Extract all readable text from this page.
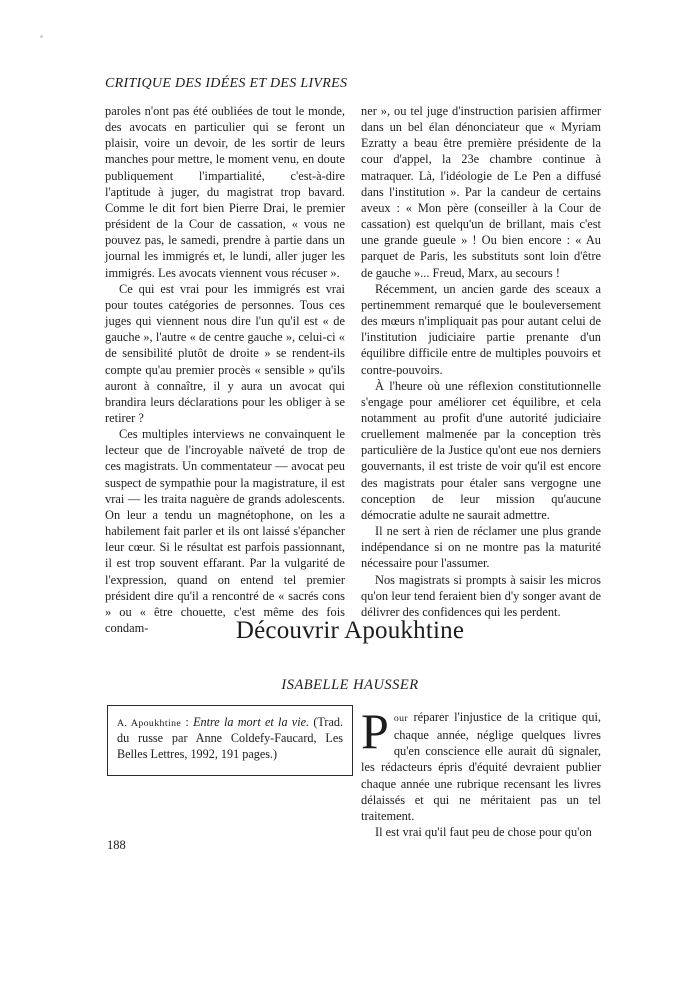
CRITIQUE DES IDÉES ET DES LIVRES

paroles n'ont pas été oubliées de tout le monde, des avocats en particulier qui se feront un plaisir, voire un devoir, de les sortir de leurs manches pour mettre, le moment venu, en doute publiquement l'impartialité, c'est-à-dire l'aptitude à juger, du magistrat trop bavard. Comme le dit fort bien Pierre Drai, le premier président de la Cour de cassation, « vous ne pouvez pas, le samedi, prendre à partie dans un journal les immigrés et, le lundi, aller juger les immigrés. Les avocats viennent vous récuser ».

Ce qui est vrai pour les immigrés est vrai pour toutes catégories de personnes. Tous ces juges qui viennent nous dire l'un qu'il est « de gauche », l'autre « de centre gauche », celui-ci « de sensibilité plutôt de droite » se rendent-ils compte qu'au premier procès « sensible » qu'ils auront à connaître, il y aura un avocat qui brandira leurs déclarations pour les obliger à se retirer ?

Ces multiples interviews ne convainquent le lecteur que de l'incroyable naïveté de trop de ces magistrats. Un commentateur — avocat peu suspect de sympathie pour la magistrature, il est vrai — les traita naguère de grands adolescents. On leur a tendu un magnétophone, on les a habilement fait parler et ils ont laissé s'épancher leur cœur. Si le résultat est parfois passionnant, il est trop souvent effarant. Par la vulgarité de l'expression, quand on entend tel premier président dire qu'il a rencontré de « sacrés cons » ou « être chouette, c'est même des fois condam-

ner », ou tel juge d'instruction parisien affirmer dans un bel élan dénonciateur que « Myriam Ezratty a beau être première présidente de la cour d'appel, la 23e chambre continue à matraquer. Là, l'idéologie de Le Pen a diffusé dans l'institution ». Par la candeur de certains aveux : « Mon père (conseiller à la Cour de cassation) est quelqu'un de brillant, mais c'est une grande gueule » ! Ou bien encore : « Au parquet de Paris, les substituts sont loin d'être de gauche »... Freud, Marx, au secours !

Récemment, un ancien garde des sceaux a pertinemment remarqué que le bouleversement des mœurs n'impliquait pas pour autant celui de l'institution judiciaire partie prenante d'un équilibre difficile entre de multiples pouvoirs et contre-pouvoirs.

À l'heure où une réflexion constitutionnelle s'engage pour améliorer cet équilibre, et cela notamment au profit d'une autorité judiciaire cruellement malmenée par la conception très particulière de la Justice qu'ont eue nos derniers gouvernants, il est triste de voir qu'il est encore des magistrats pour étaler sans vergogne une conception de leur mission qu'aucune démocratie adulte ne saurait admettre.

Il ne sert à rien de réclamer une plus grande indépendance si on ne montre pas la maturité nécessaire pour l'assumer.

Nos magistrats si prompts à saisir les micros qu'on leur tend feraient bien d'y songer avant de délivrer des confidences qui les perdent.

Découvrir Apoukhtine
ISABELLE HAUSSER

A. Apoukhtine : Entre la mort et la vie. (Trad. du russe par Anne Coldefy-Faucard, Les Belles Lettres, 1992, 191 pages.)	Pour réparer l'injustice de la critique qui, chaque année, néglige quelques livres qu'en conscience elle aurait dû signaler, les rédacteurs épris d'équité devraient publier chaque année une rubrique recensant les livres délaissés et qui ne méritaient pas un tel traitement.

Il est vrai qu'il faut peu de chose pour qu'on

188
